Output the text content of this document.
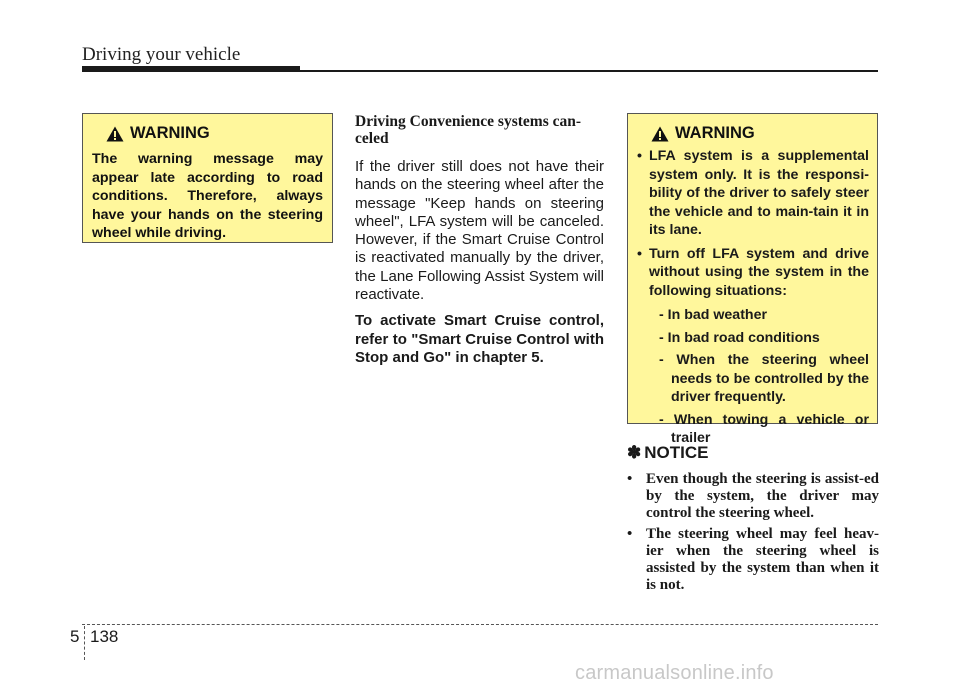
Driving your vehicle
WARNING
The warning message may appear late according to road conditions. Therefore, always have your hands on the steering wheel while driving.
Driving Convenience systems can-celed

If the driver still does not have their hands on the steering wheel after the message "Keep hands on steering wheel", LFA system will be canceled. However, if the Smart Cruise Control is reactivated manually by the driver, the Lane Following Assist System will reactivate.

To activate Smart Cruise control, refer to "Smart Cruise Control with Stop and Go" in chapter 5.

WARNING
• LFA system is a supplemental system only. It is the responsi-bility of the driver to safely steer the vehicle and to main-tain it in its lane.
• Turn off LFA system and drive without using the system in the following situations:
- In bad weather
- In bad road conditions
- When the steering wheel needs to be controlled by the driver frequently.
- When towing a vehicle or trailer
✽ NOTICE
• Even though the steering is assist-ed by the system, the driver may control the steering wheel.
• The steering wheel may feel heav-ier when the steering wheel is assisted by the system than when it is not.
5 138
carmanualsonline.info
